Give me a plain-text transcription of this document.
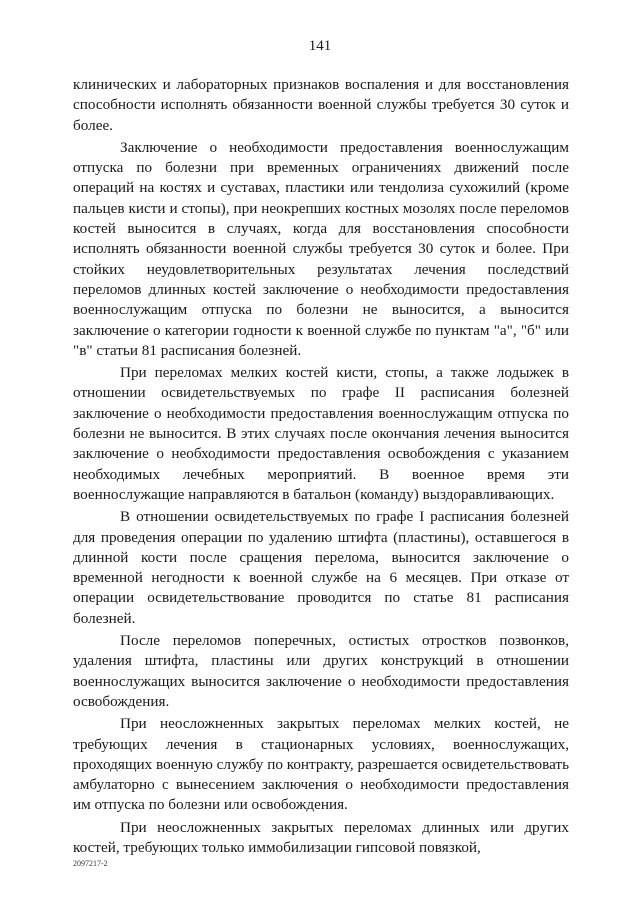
141

клинических и лабораторных признаков воспаления и для восстановления способности исполнять обязанности военной службы требуется 30 суток и более.

Заключение о необходимости предоставления военнослужащим отпуска по болезни при временных ограничениях движений после операций на костях и суставах, пластики или тендолиза сухожилий (кроме пальцев кисти и стопы), при неокрепших костных мозолях после переломов костей выносится в случаях, когда для восстановления способности исполнять обязанности военной службы требуется 30 суток и более. При стойких неудовлетворительных результатах лечения последствий переломов длинных костей заключение о необходимости предоставления военнослужащим отпуска по болезни не выносится, а выносится заключение о категории годности к военной службе по пунктам "а", "б" или "в" статьи 81 расписания болезней.

При переломах мелких костей кисти, стопы, а также лодыжек в отношении освидетельствуемых по графе II расписания болезней заключение о необходимости предоставления военнослужащим отпуска по болезни не выносится. В этих случаях после окончания лечения выносится заключение о необходимости предоставления освобождения с указанием необходимых лечебных мероприятий. В военное время эти военнослужащие направляются в батальон (команду) выздоравливающих.

В отношении освидетельствуемых по графе I расписания болезней для проведения операции по удалению штифта (пластины), оставшегося в длинной кости после сращения перелома, выносится заключение о временной негодности к военной службе на 6 месяцев. При отказе от операции освидетельствование проводится по статье 81 расписания болезней.

После переломов поперечных, остистых отростков позвонков, удаления штифта, пластины или других конструкций в отношении военнослужащих выносится заключение о необходимости предоставления освобождения.

При неосложненных закрытых переломах мелких костей, не требующих лечения в стационарных условиях, военнослужащих, проходящих военную службу по контракту, разрешается освидетельствовать амбулаторно с вынесением заключения о необходимости предоставления им отпуска по болезни или освобождения.

При неосложненных закрытых переломах длинных или других костей, требующих только иммобилизации гипсовой повязкой,

2097217-2
